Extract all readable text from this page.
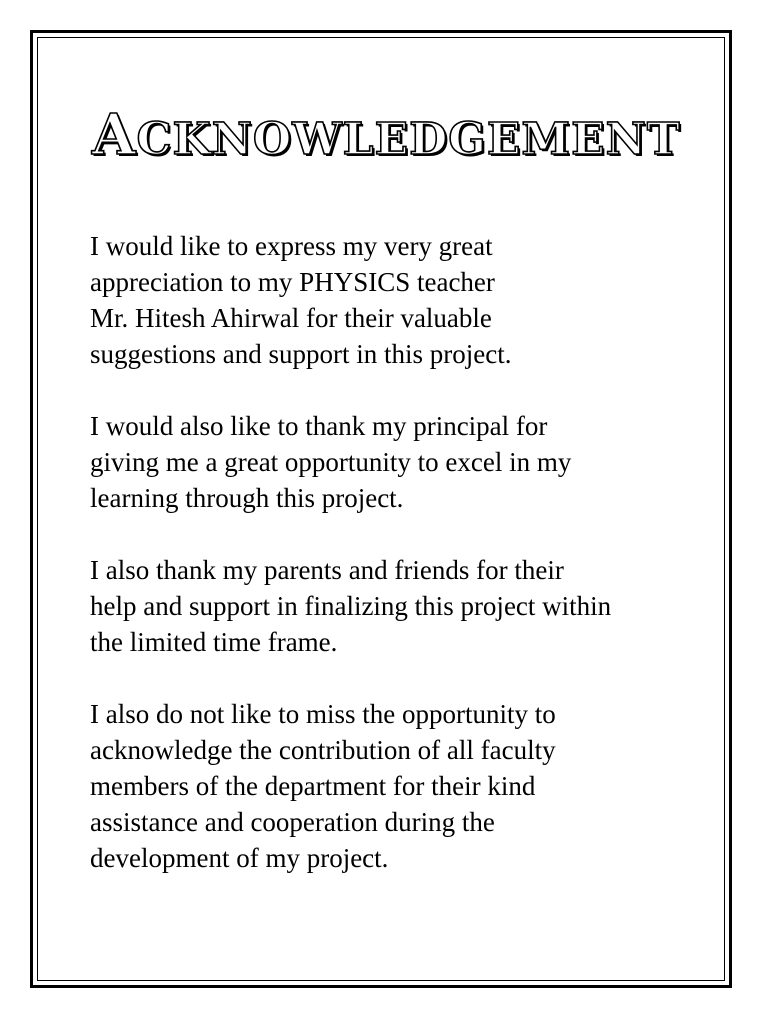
ACKNOWLEDGEMENT

I would like to express my very great
appreciation to my PHYSICS teacher
Mr. Hitesh Ahirwal for their valuable
suggestions and support in this project.

I would also like to thank my principal for
giving me a great opportunity to excel in my
learning through this project.

I also thank my parents and friends for their
help and support in finalizing this project within
the limited time frame.

I also do not like to miss the opportunity to
acknowledge the contribution of all faculty
members of the department for their kind
assistance and cooperation during the
development of my project.
